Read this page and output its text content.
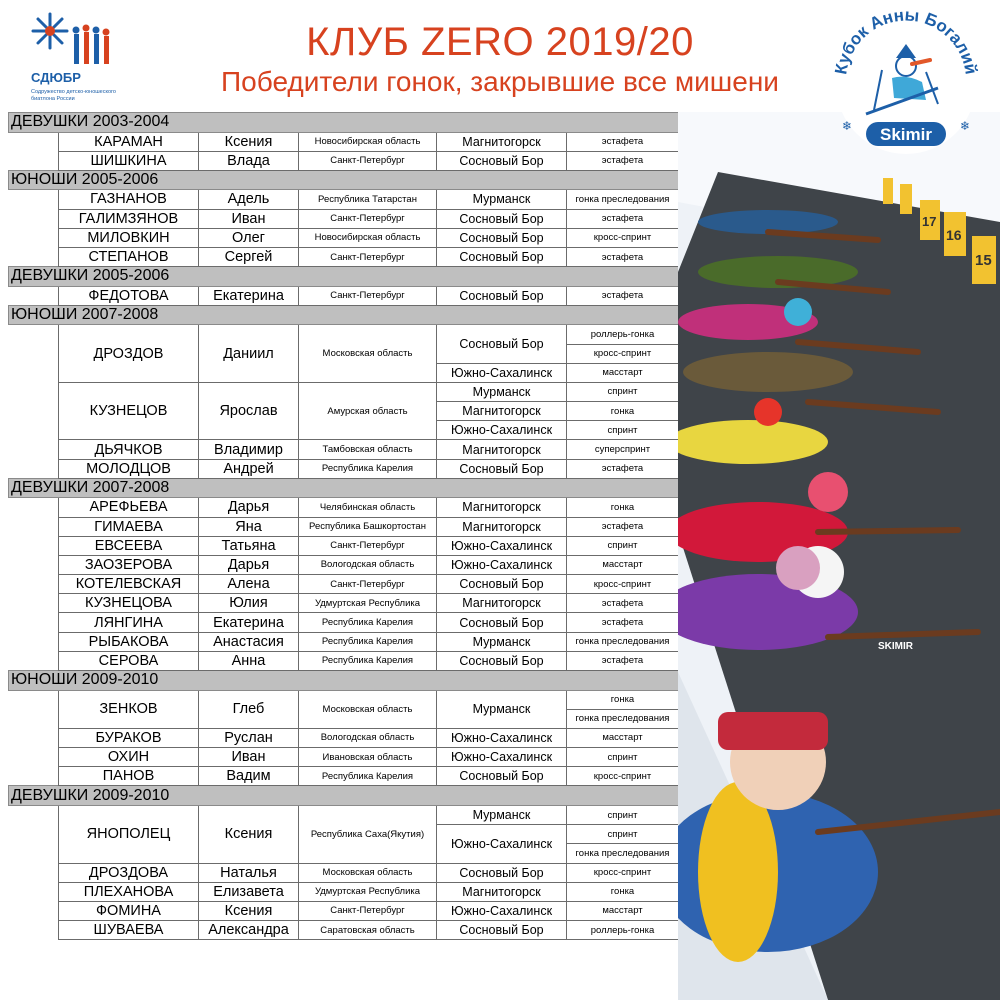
СДЮБР
Содружество детско-юношеского
биатлона России
КЛУБ ZERO 2019/20
Победители гонок, закрывшие все мишени
ДЕВУШКИ 2003-2004					
	КАРАМАН	Ксения	Новосибирская область	Магнитогорск	эстафета
	ШИШКИНА	Влада	Санкт-Петербург	Сосновый Бор	эстафета
ЮНОШИ 2005-2006					
	ГАЗНАНОВ	Адель	Республика Татарстан	Мурманск	гонка преследования
	ГАЛИМЗЯНОВ	Иван	Санкт-Петербург	Сосновый Бор	эстафета
	МИЛОВКИН	Олег	Новосибирская область	Сосновый Бор	кросс-спринт
	СТЕПАНОВ	Сергей	Санкт-Петербург	Сосновый Бор	эстафета
ДЕВУШКИ 2005-2006					
	ФЕДОТОВА	Екатерина	Санкт-Петербург	Сосновый Бор	эстафета
ЮНОШИ 2007-2008					
	ДРОЗДОВ	Даниил	Московская область	Сосновый Бор	роллерь-гонка
					кросс-спринт
				Южно-Сахалинск	масстарт
	КУЗНЕЦОВ	Ярослав	Амурская область	Мурманск	спринт
				Магнитогорск	гонка
				Южно-Сахалинск	спринт
	ДЬЯЧКОВ	Владимир	Тамбовская область	Магнитогорск	суперспринт
	МОЛОДЦОВ	Андрей	Республика Карелия	Сосновый Бор	эстафета
ДЕВУШКИ 2007-2008					
	АРЕФЬЕВА	Дарья	Челябинская область	Магнитогорск	гонка
	ГИМАЕВА	Яна	Республика Башкортостан	Магнитогорск	эстафета
	ЕВСЕЕВА	Татьяна	Санкт-Петербург	Южно-Сахалинск	спринт
	ЗАОЗЕРОВА	Дарья	Вологодская область	Южно-Сахалинск	масстарт
	КОТЕЛЕВСКАЯ	Алена	Санкт-Петербург	Сосновый Бор	кросс-спринт
	КУЗНЕЦОВА	Юлия	Удмуртская Республика	Магнитогорск	эстафета
	ЛЯНГИНА	Екатерина	Республика Карелия	Сосновый Бор	эстафета
	РЫБАКОВА	Анастасия	Республика Карелия	Мурманск	гонка преследования
	СЕРОВА	Анна	Республика Карелия	Сосновый Бор	эстафета
ЮНОШИ 2009-2010					
	ЗЕНКОВ	Глеб	Московская область	Мурманск	гонка
					гонка преследования
	БУРАКОВ	Руслан	Вологодская область	Южно-Сахалинск	масстарт
	ОХИН	Иван	Ивановская область	Южно-Сахалинск	спринт
	ПАНОВ	Вадим	Республика Карелия	Сосновый Бор	кросс-спринт
ДЕВУШКИ 2009-2010					
	ЯНОПОЛЕЦ	Ксения	Республика Саха(Якутия)	Мурманск	спринт
				Южно-Сахалинск	спринт
					гонка преследования
	ДРОЗДОВА	Наталья	Московская область	Сосновый Бор	кросс-спринт
	ПЛЕХАНОВА	Елизавета	Удмуртская Республика	Магнитогорск	гонка
	ФОМИНА	Ксения	Санкт-Петербург	Южно-Сахалинск	масстарт
	ШУВАЕВА	Александра	Саратовская область	Сосновый Бор	роллерь-гонка
17
16
15
SKIMIR
Кубок Анны Богалий
Skimir
❄	❄
